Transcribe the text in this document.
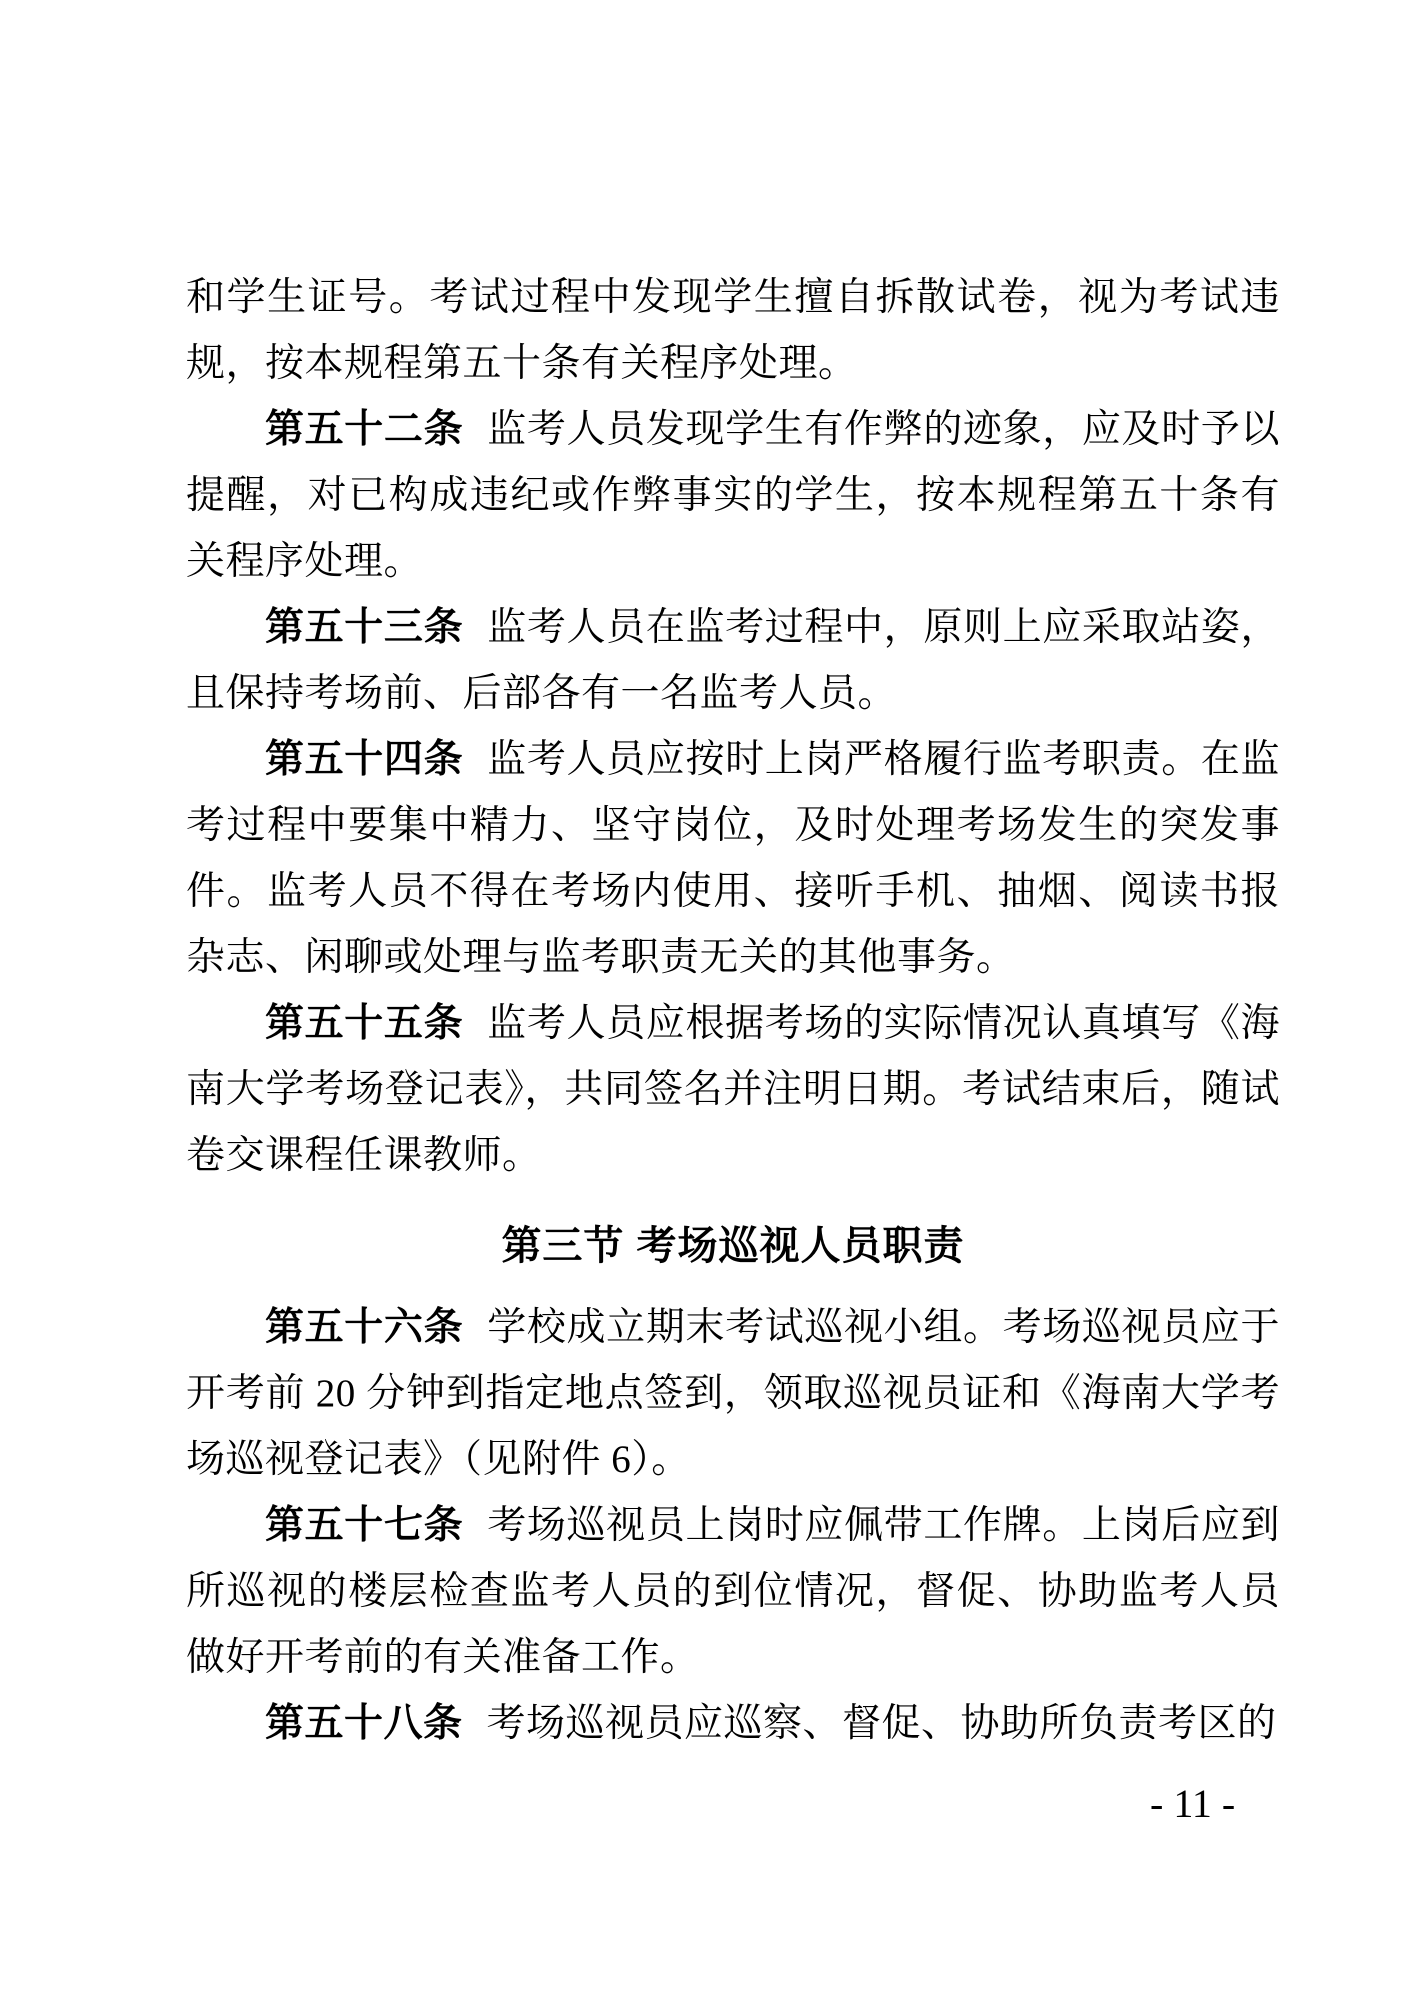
和学生证号。考试过程中发现学生擅自拆散试卷，视为考试违规，按本规程第五十条有关程序处理。

第五十二条 监考人员发现学生有作弊的迹象，应及时予以提醒，对已构成违纪或作弊事实的学生，按本规程第五十条有关程序处理。

第五十三条 监考人员在监考过程中，原则上应采取站姿，且保持考场前、后部各有一名监考人员。

第五十四条 监考人员应按时上岗严格履行监考职责。在监考过程中要集中精力、坚守岗位，及时处理考场发生的突发事件。监考人员不得在考场内使用、接听手机、抽烟、阅读书报杂志、闲聊或处理与监考职责无关的其他事务。

第五十五条 监考人员应根据考场的实际情况认真填写《海南大学考场登记表》，共同签名并注明日期。考试结束后，随试卷交课程任课教师。

第三节 考场巡视人员职责

第五十六条 学校成立期末考试巡视小组。考场巡视员应于开考前 20 分钟到指定地点签到，领取巡视员证和《海南大学考场巡视登记表》（见附件 6）。

第五十七条 考场巡视员上岗时应佩带工作牌。上岗后应到所巡视的楼层检查监考人员的到位情况，督促、协助监考人员做好开考前的有关准备工作。

第五十八条 考场巡视员应巡察、督促、协助所负责考区的

- 11 -
